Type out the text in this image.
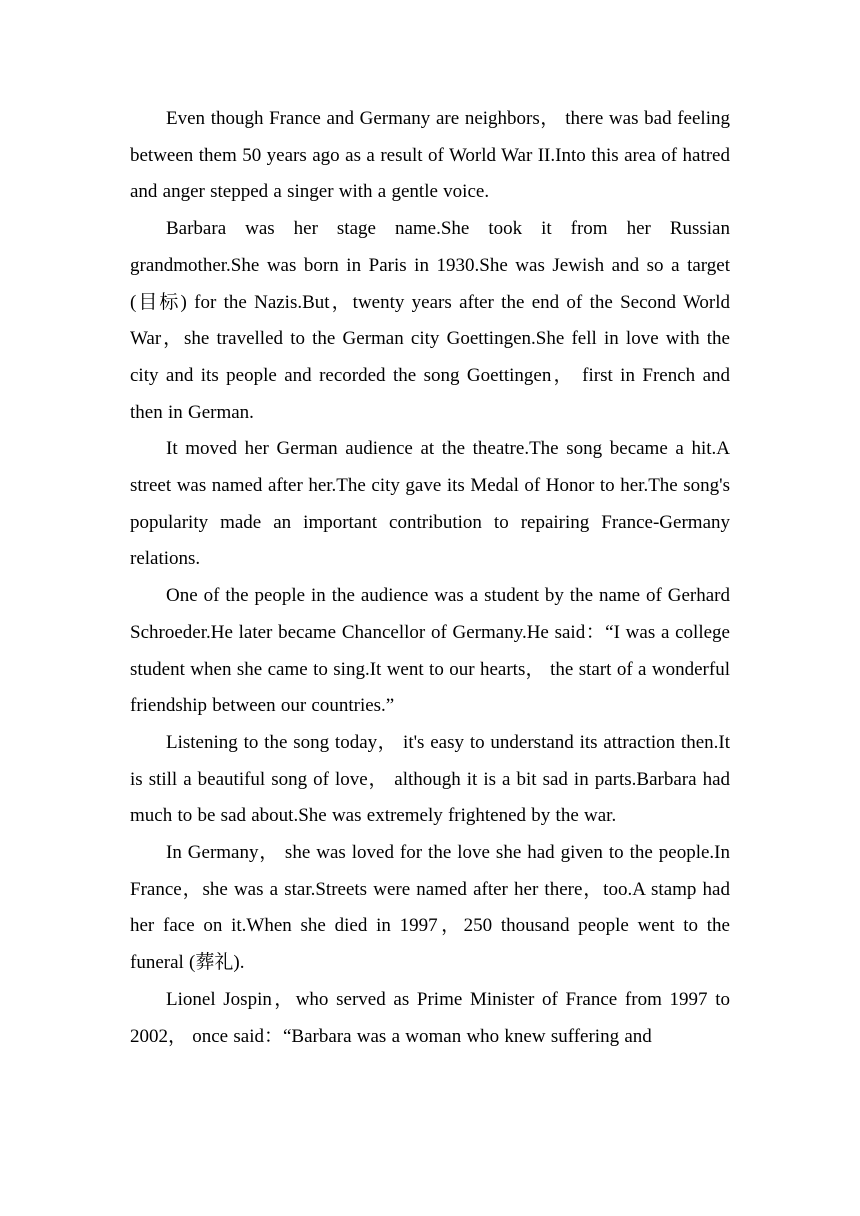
Even though France and Germany are neighbors， there was bad feeling between them 50 years ago as a result of World War II.Into this area of hatred and anger stepped a singer with a gentle voice.

Barbara was her stage name.She took it from her Russian grandmother.She was born in Paris in 1930.She was Jewish and so a target (目标) for the Nazis.But，twenty years after the end of the Second World War，she travelled to the German city Goettingen.She fell in love with the city and its people and recorded the song Goettingen， first in French and then in German.

It moved her German audience at the theatre.The song became a hit.A street was named after her.The city gave its Medal of Honor to her.The song's popularity made an important contribution to repairing France-Germany relations.

One of the people in the audience was a student by the name of Gerhard Schroeder.He later became Chancellor of Germany.He said：“I was a college student when she came to sing.It went to our hearts， the start of a wonderful friendship between our countries.”

Listening to the song today， it's easy to understand its attraction then.It is still a beautiful song of love， although it is a bit sad in parts.Barbara had much to be sad about.She was extremely frightened by the war.

In Germany， she was loved for the love she had given to the people.In France，she was a star.Streets were named after her there，too.A stamp had her face on it.When she died in 1997，250 thousand people went to the funeral (葬礼).

Lionel Jospin，who served as Prime Minister of France from 1997 to 2002， once said：“Barbara was a woman who knew suffering and
